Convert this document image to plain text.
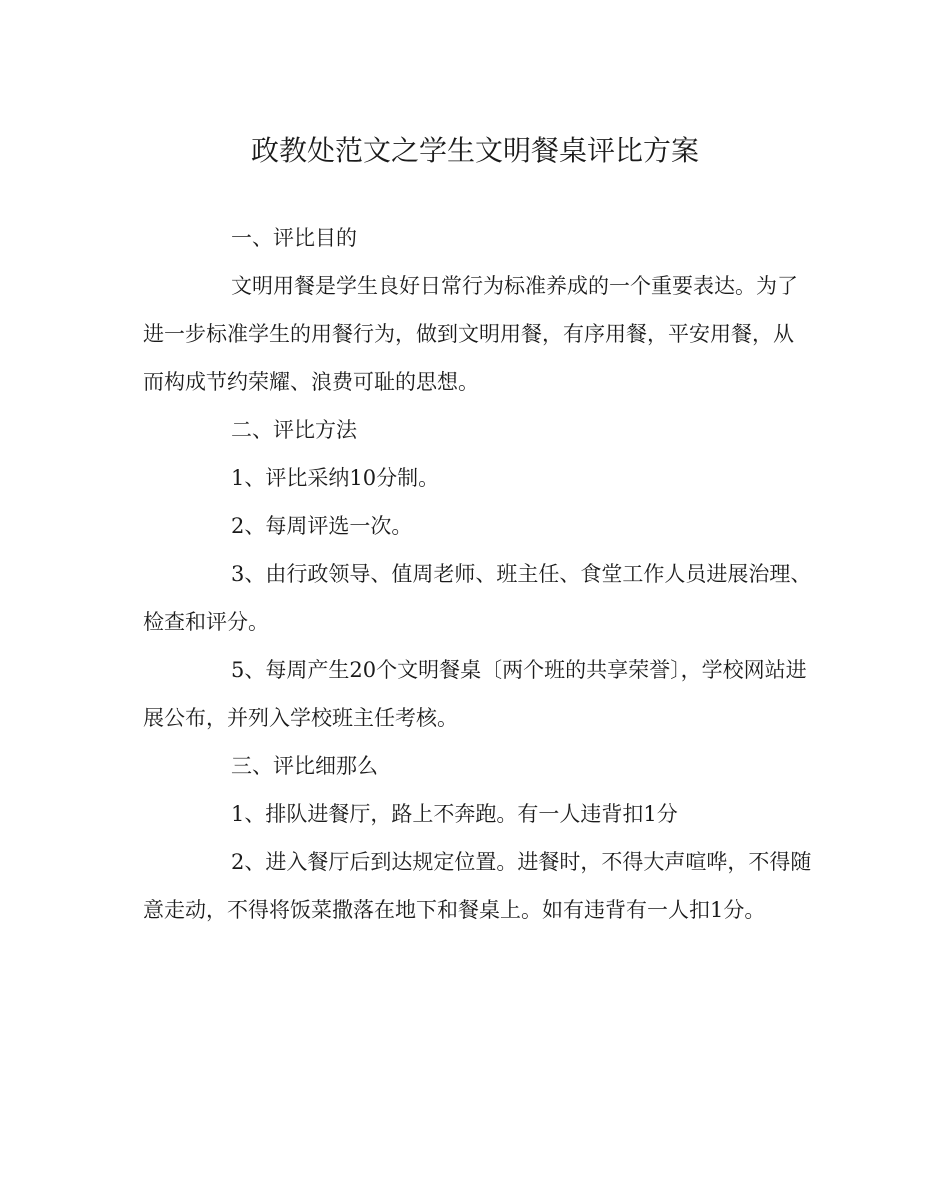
政教处范文之学生文明餐桌评比方案

一、评比目的

文明用餐是学生良好日常行为标准养成的一个重要表达。为了进一步标准学生的用餐行为，做到文明用餐，有序用餐，平安用餐，从而构成节约荣耀、浪费可耻的思想。

二、评比方法

1、评比采纳10分制。

2、每周评选一次。

3、由行政领导、值周老师、班主任、食堂工作人员进展治理、检查和评分。

5、每周产生20个文明餐桌〔两个班的共享荣誉〕，学校网站进展公布，并列入学校班主任考核。

三、评比细那么

1、排队进餐厅，路上不奔跑。有一人违背扣1分

2、进入餐厅后到达规定位置。进餐时，不得大声喧哗，不得随意走动，不得将饭菜撒落在地下和餐桌上。如有违背有一人扣1分。
